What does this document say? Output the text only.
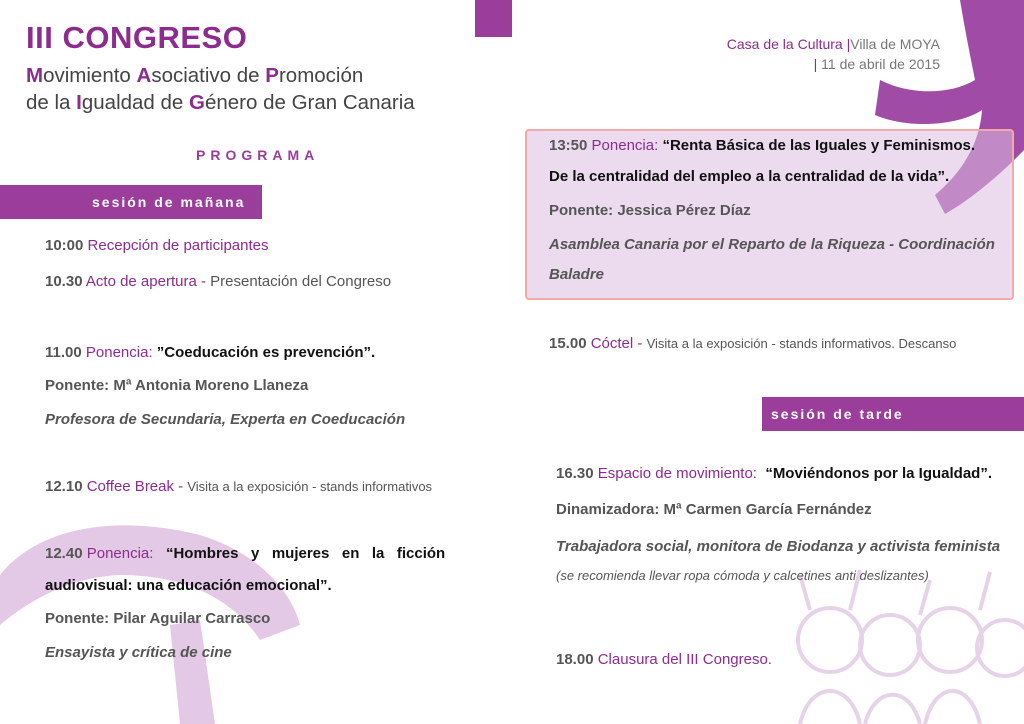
III CONGRESO
Movimiento Asociativo de Promoción
de la Igualdad de Género de Gran Canaria
Casa de la Cultura |Villa de MOYA
| 11 de abril de 2015
PROGRAMA
sesión de mañana
10:00 Recepción de participantes
10.30 Acto de apertura - Presentación del Congreso
11.00 Ponencia: ”Coeducación es prevención”.
Ponente: Mª Antonia Moreno Llaneza
Profesora de Secundaria, Experta en Coeducación
12.10 Coffee Break - Visita a la exposición - stands informativos
12.40 Ponencia: “Hombres   y   mujeres   en   la   ficción
audiovisual: una educación emocional”.
Ponente: Pilar Aguilar Carrasco
Ensayista y crítica de cine
13:50 Ponencia: “Renta Básica de las Iguales y Feminismos.
De la centralidad del empleo a la centralidad de la vida”.
Ponente: Jessica Pérez Díaz
Asamblea Canaria por el Reparto de la Riqueza - Coordinación
Baladre
15.00 Cóctel - Visita a la exposición - stands informativos. Descanso
sesión de tarde
16.30 Espacio de movimiento: “Moviéndonos por la Igualdad”.
Dinamizadora: Mª Carmen García Fernández
Trabajadora social, monitora de Biodanza y activista feminista
(se recomienda llevar ropa cómoda y calcetines anti deslizantes)
18.00 Clausura del III Congreso.
